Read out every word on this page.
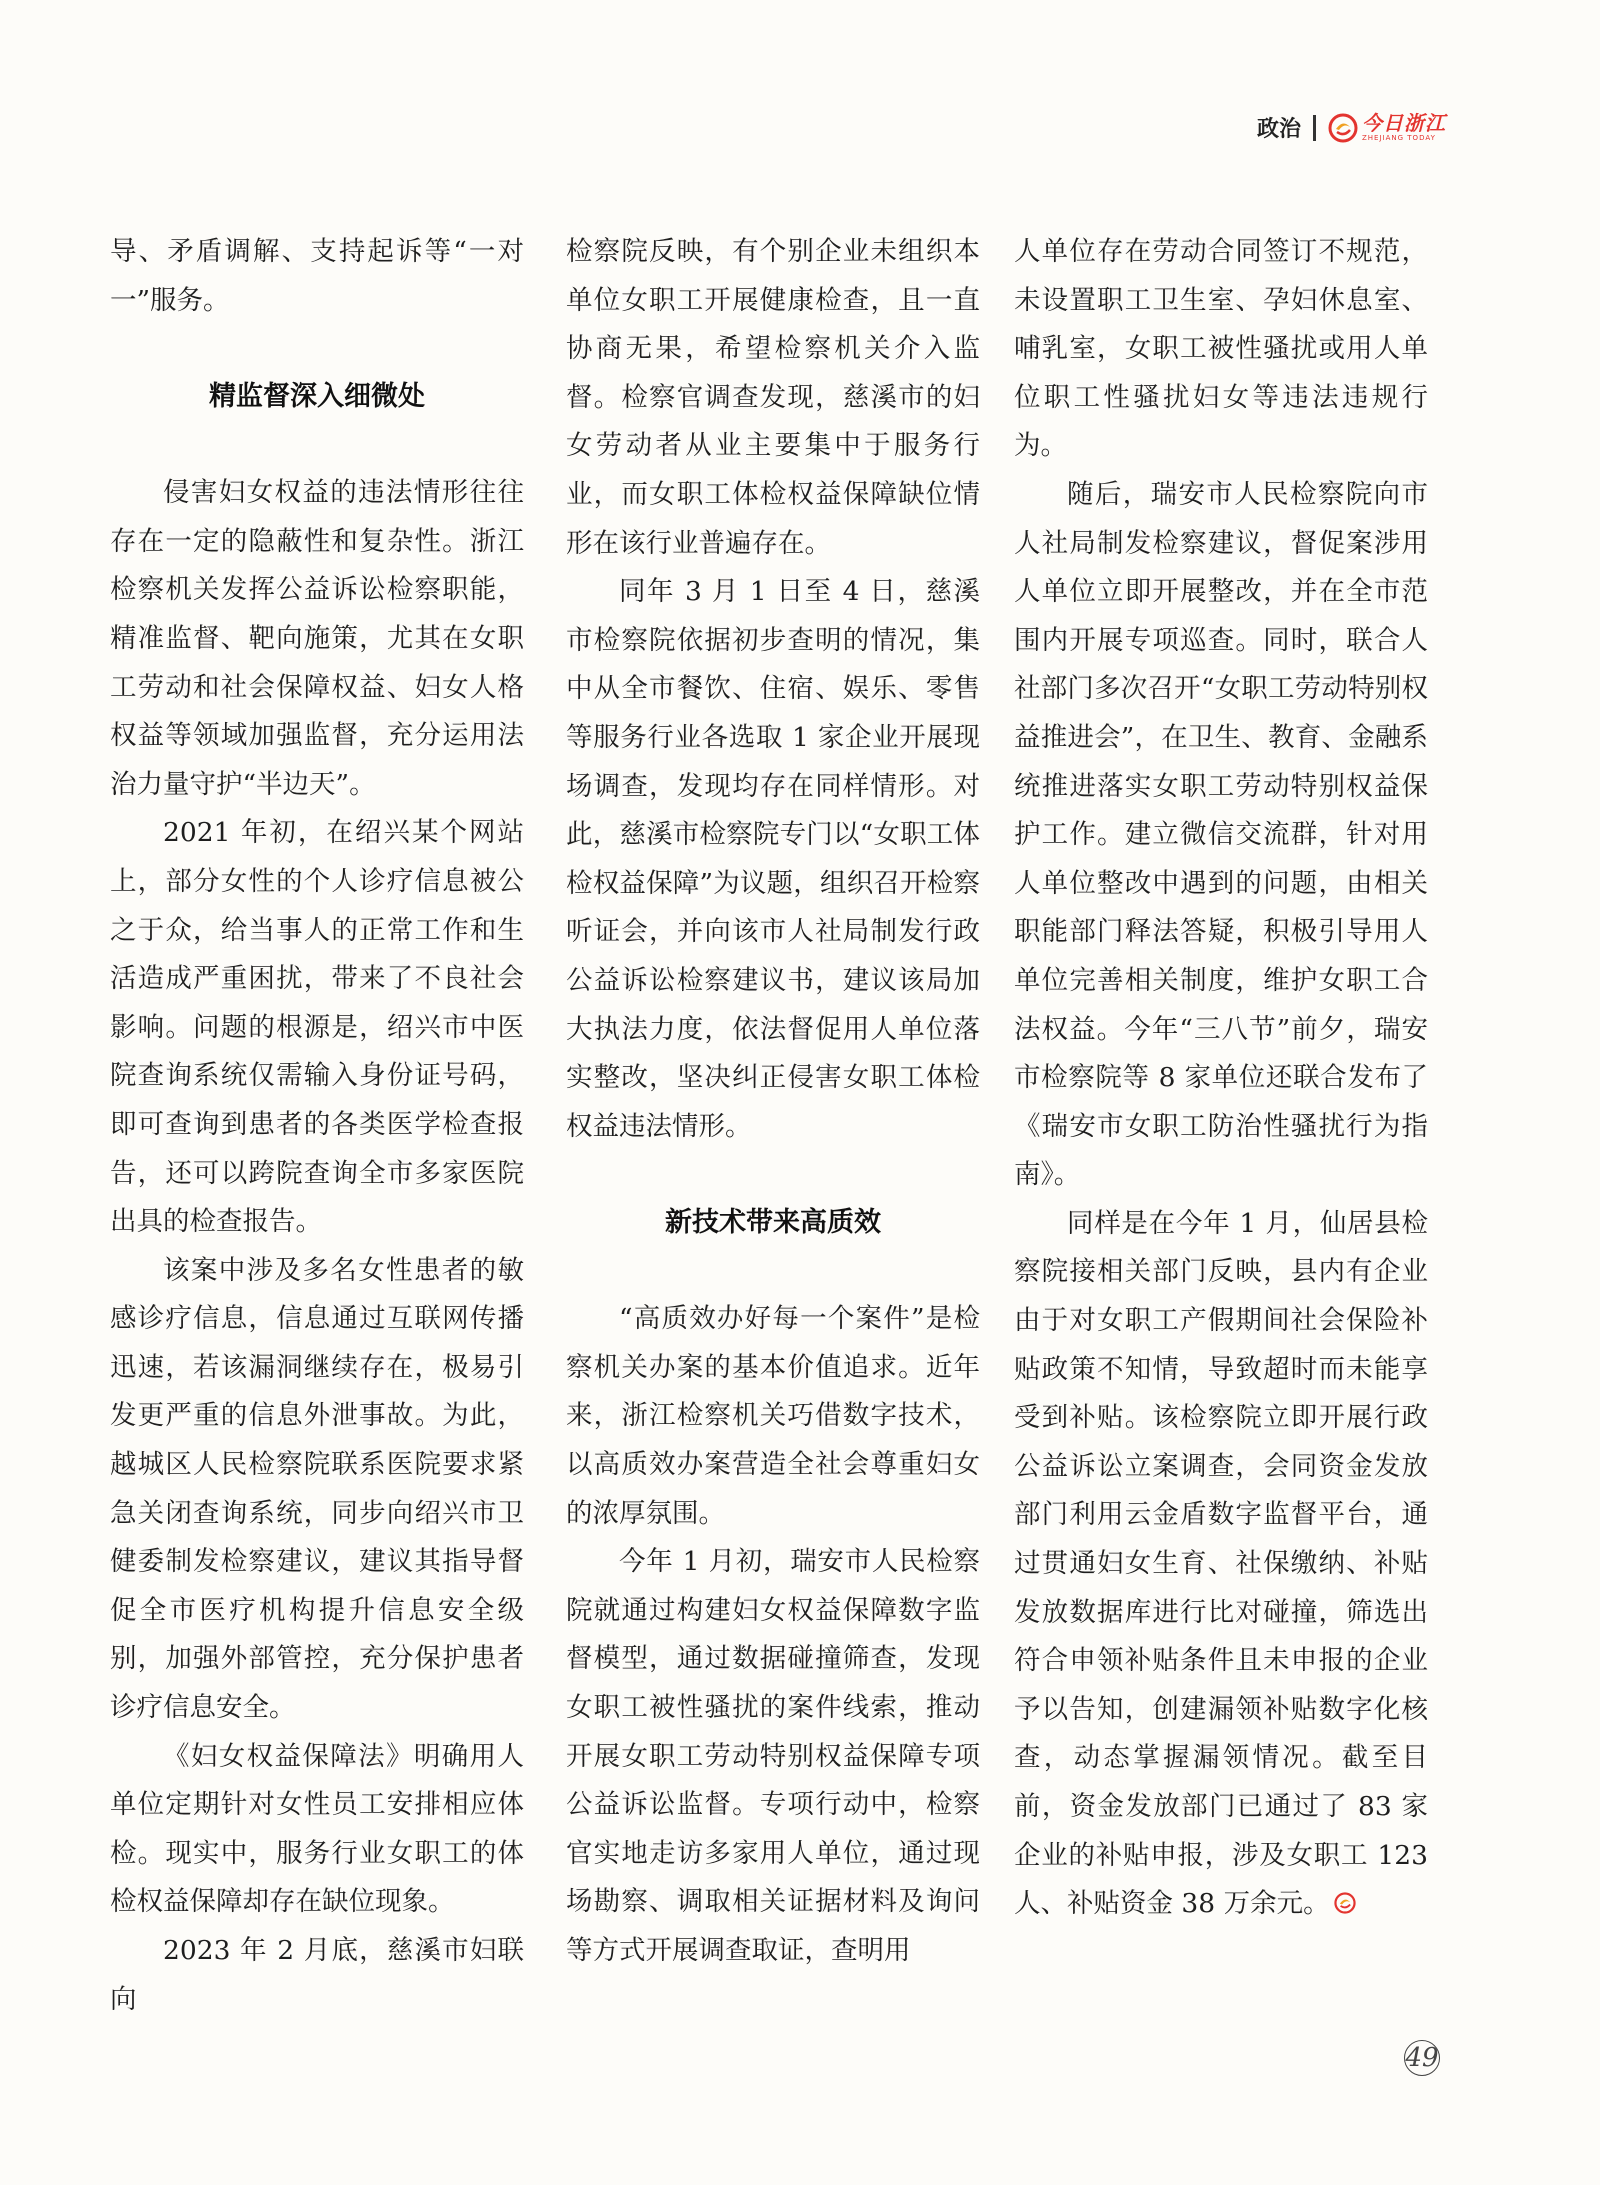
政治	今日浙江
ZHEJIANG TODAY

导、矛盾调解、支持起诉等“一对一”服务。

精监督深入细微处

侵害妇女权益的违法情形往往存在一定的隐蔽性和复杂性。浙江检察机关发挥公益诉讼检察职能，精准监督、靶向施策，尤其在女职工劳动和社会保障权益、妇女人格权益等领域加强监督，充分运用法治力量守护“半边天”。

2021 年初，在绍兴某个网站上，部分女性的个人诊疗信息被公之于众，给当事人的正常工作和生活造成严重困扰，带来了不良社会影响。问题的根源是，绍兴市中医院查询系统仅需输入身份证号码，即可查询到患者的各类医学检查报告，还可以跨院查询全市多家医院出具的检查报告。

该案中涉及多名女性患者的敏感诊疗信息，信息通过互联网传播迅速，若该漏洞继续存在，极易引发更严重的信息外泄事故。为此，越城区人民检察院联系医院要求紧急关闭查询系统，同步向绍兴市卫健委制发检察建议，建议其指导督促全市医疗机构提升信息安全级别，加强外部管控，充分保护患者诊疗信息安全。

《妇女权益保障法》明确用人单位定期针对女性员工安排相应体检。现实中，服务行业女职工的体检权益保障却存在缺位现象。

2023 年 2 月底，慈溪市妇联向

检察院反映，有个别企业未组织本单位女职工开展健康检查，且一直协商无果，希望检察机关介入监督。检察官调查发现，慈溪市的妇女劳动者从业主要集中于服务行业，而女职工体检权益保障缺位情形在该行业普遍存在。

同年 3 月 1 日至 4 日，慈溪市检察院依据初步查明的情况，集中从全市餐饮、住宿、娱乐、零售等服务行业各选取 1 家企业开展现场调查，发现均存在同样情形。对此，慈溪市检察院专门以“女职工体检权益保障”为议题，组织召开检察听证会，并向该市人社局制发行政公益诉讼检察建议书，建议该局加大执法力度，依法督促用人单位落实整改，坚决纠正侵害女职工体检权益违法情形。

新技术带来高质效

“高质效办好每一个案件”是检察机关办案的基本价值追求。近年来，浙江检察机关巧借数字技术，以高质效办案营造全社会尊重妇女的浓厚氛围。

今年 1 月初，瑞安市人民检察院就通过构建妇女权益保障数字监督模型，通过数据碰撞筛查，发现女职工被性骚扰的案件线索，推动开展女职工劳动特别权益保障专项公益诉讼监督。专项行动中，检察官实地走访多家用人单位，通过现场勘察、调取相关证据材料及询问等方式开展调查取证，查明用

人单位存在劳动合同签订不规范，未设置职工卫生室、孕妇休息室、哺乳室，女职工被性骚扰或用人单位职工性骚扰妇女等违法违规行为。

随后，瑞安市人民检察院向市人社局制发检察建议，督促案涉用人单位立即开展整改，并在全市范围内开展专项巡查。同时，联合人社部门多次召开“女职工劳动特别权益推进会”，在卫生、教育、金融系统推进落实女职工劳动特别权益保护工作。建立微信交流群，针对用人单位整改中遇到的问题，由相关职能部门释法答疑，积极引导用人单位完善相关制度，维护女职工合法权益。今年“三八节”前夕，瑞安市检察院等 8 家单位还联合发布了《瑞安市女职工防治性骚扰行为指南》。

同样是在今年 1 月，仙居县检察院接相关部门反映，县内有企业由于对女职工产假期间社会保险补贴政策不知情，导致超时而未能享受到补贴。该检察院立即开展行政公益诉讼立案调查，会同资金发放部门利用云金盾数字监督平台，通过贯通妇女生育、社保缴纳、补贴发放数据库进行比对碰撞，筛选出符合申领补贴条件且未申报的企业予以告知，创建漏领补贴数字化核查，动态掌握漏领情况。截至目前，资金发放部门已通过了 83 家企业的补贴申报，涉及女职工 123 人、补贴资金 38 万余元。

49
